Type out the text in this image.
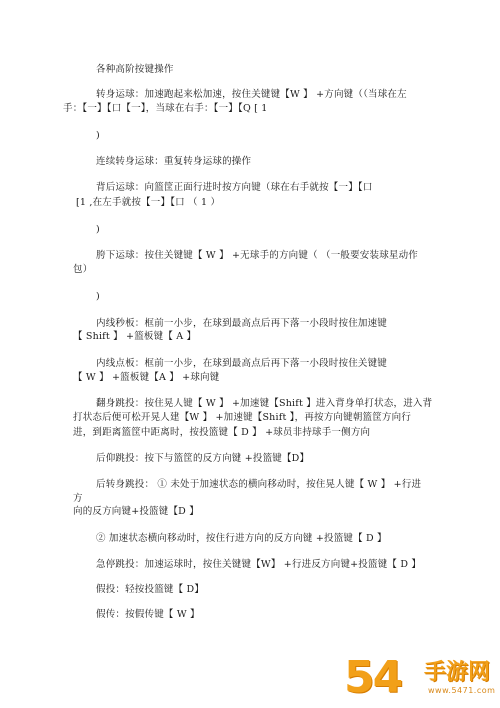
各种高阶按键操作
转身运球：加速跑起来松加速，按住关键键【W 】 +方向键（（当球在左
手：【一】【口【一】，当球在右手：【一】【Q [ 1
)
连续转身运球：重复转身运球的操作
背后运球：向篮筐正面行进时按方向键（球在右手就按【一】【口
[1 ,在左手就按【一】【口 （ 1 ）
)
胯下运球：按住关键键【 W 】 +无球手的方向键（ （一般要安装球星动作
包）
)
内线秒板：框前一小步，在球到最高点后再下落一小段时按住加速键
【 Shift 】 +篮板键【 A 】
内线点板：框前一小步，在球到最高点后再下落一小段时按住关键键
【 W 】 +篮板键【A 】 +球向键
翻身跳投：按住晃人键【 W 】 +加速键【Shift 】进入背身单打状态，进入背
打状态后便可松开晃人建【W 】 +加速键【Shift 】，再按方向键朝篮筐方向行
进，到距离篮筐中距离时，按投篮键【 D 】 +球员非持球手一侧方向
后仰跳投：按下与篮筐的反方向键 +投篮键【D】
后转身跳投： ① 未处于加速状态的横向移动时，按住晃人键【 W 】 +行进
方
向的反方向键+投篮键【D 】
② 加速状态横向移动时，按住行进方向的反方向键 +投篮键【 D 】
急停跳投：加速运球时，按住关键键【W】 +行进反方向键+投篮键【 D 】
假投：轻按投篮键【 D】
假传：按假传键【 W 】
54 手游网
www.5471.com
